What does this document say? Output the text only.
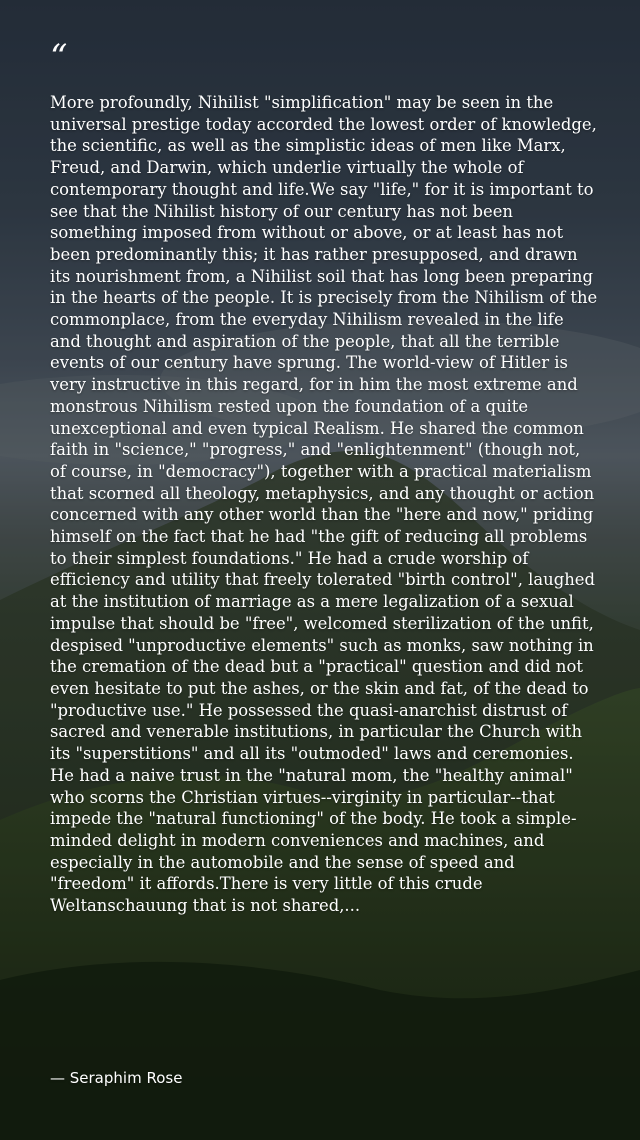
“

More profoundly, Nihilist "simplification" may be seen in the universal prestige today accorded the lowest order of knowledge, the scientific, as well as the simplistic ideas of men like Marx, Freud, and Darwin, which underlie virtually the whole of contemporary thought and life.We say "life," for it is important to see that the Nihilist history of our century has not been something imposed from without or above, or at least has not been predominantly this; it has rather presupposed, and drawn its nourishment from, a Nihilist soil that has long been preparing in the hearts of the people. It is precisely from the Nihilism of the commonplace, from the everyday Nihilism revealed in the life and thought and aspiration of the people, that all the terrible events of our century have sprung. The world-view of Hitler is very instructive in this regard, for in him the most extreme and monstrous Nihilism rested upon the foundation of a quite unexceptional and even typical Realism. He shared the common faith in "science," "progress," and "enlightenment" (though not, of course, in "democracy"), together with a practical materialism that scorned all theology, metaphysics, and any thought or action concerned with any other world than the "here and now," priding himself on the fact that he had "the gift of reducing all problems to their simplest foundations." He had a crude worship of efficiency and utility that freely tolerated "birth control", laughed at the institution of marriage as a mere legalization of a sexual impulse that should be "free", welcomed sterilization of the unfit, despised "unproductive elements" such as monks, saw nothing in the cremation of the dead but a "practical" question and did not even hesitate to put the ashes, or the skin and fat, of the dead to "productive use." He possessed the quasi-anarchist distrust of sacred and venerable institutions, in particular the Church with its "superstitions" and all its "outmoded" laws and ceremonies. He had a naive trust in the "natural mom, the "healthy animal" who scorns the Christian virtues--virginity in particular--that impede the "natural functioning" of the body. He took a simple-minded delight in modern conveniences and machines, and especially in the automobile and the sense of speed and "freedom" it affords.There is very little of this crude Weltanschauung that is not shared,...

— Seraphim Rose
